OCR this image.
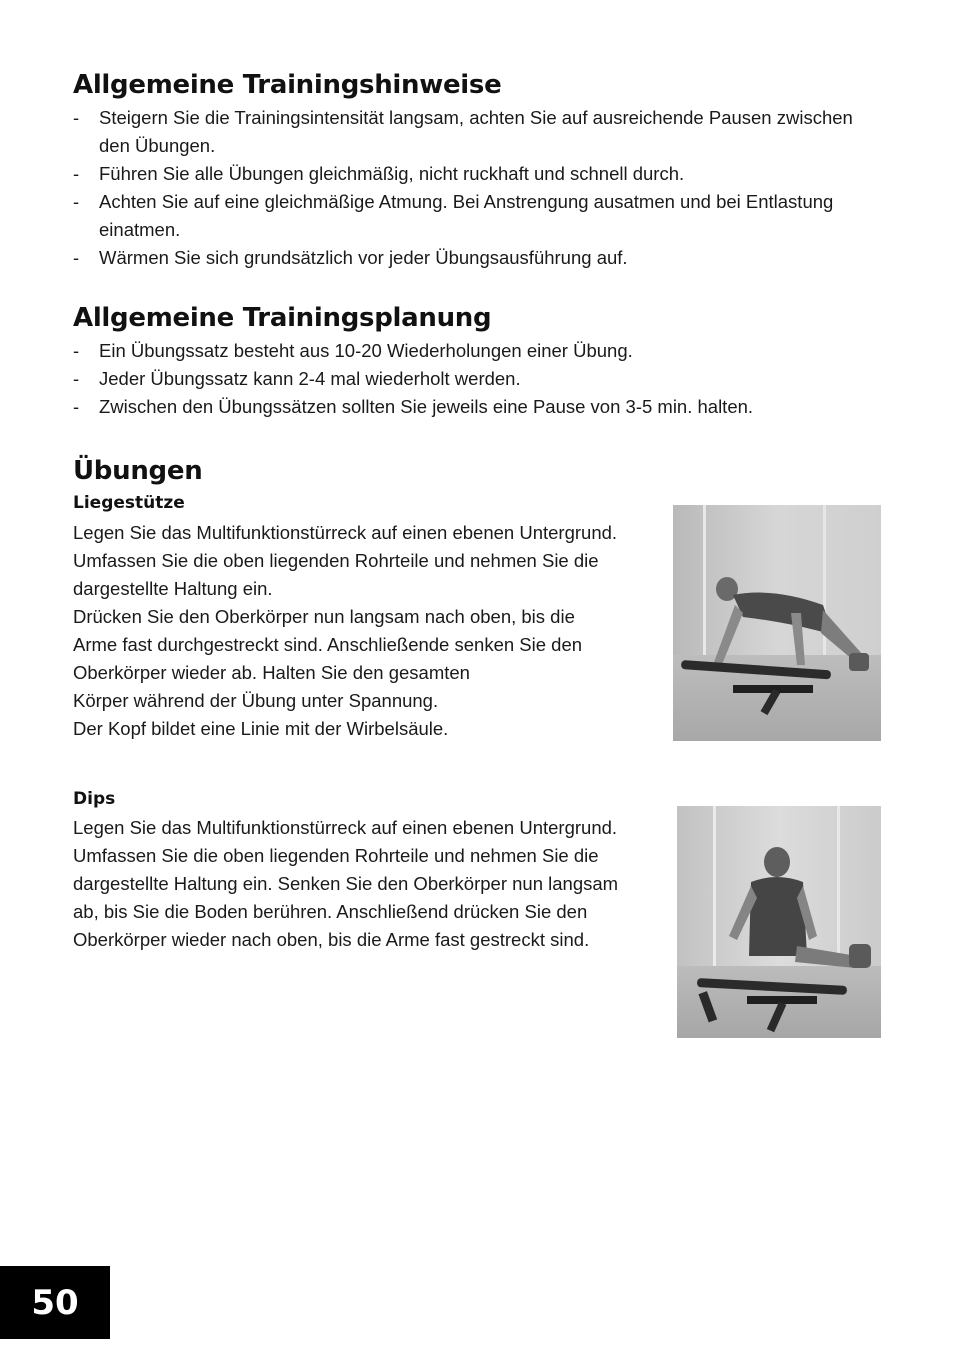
Allgemeine Trainingshinweise
- Steigern Sie die Trainingsintensität langsam, achten Sie auf ausreichende Pausen zwischen den Übungen.
- Führen Sie alle Übungen gleichmäßig, nicht ruckhaft und schnell durch.
- Achten Sie auf eine gleichmäßige Atmung. Bei Anstrengung ausatmen und bei Entlastung einatmen.
- Wärmen Sie sich grundsätzlich vor jeder Übungsausführung auf.
Allgemeine Trainingsplanung
- Ein Übungssatz besteht aus 10-20 Wiederholungen einer Übung.
- Jeder Übungssatz kann 2-4 mal wiederholt werden.
- Zwischen den Übungssätzen sollten Sie jeweils eine Pause von 3-5 min. halten.
Übungen
Liegestütze
Legen Sie das Multifunktionstürreck auf einen ebenen Untergrund.
Umfassen Sie die oben liegenden Rohrteile und nehmen Sie die
dargestellte Haltung ein.
Drücken Sie den Oberkörper nun langsam nach oben, bis die
Arme fast durchgestreckt sind. Anschließende senken Sie den
Oberkörper wieder ab. Halten Sie den gesamten
Körper während der Übung unter Spannung.
Der Kopf bildet eine Linie mit der Wirbelsäule.
Dips
Legen Sie das Multifunktionstürreck auf einen ebenen Untergrund.
Umfassen Sie die oben liegenden Rohrteile und nehmen Sie die
dargestellte Haltung ein. Senken Sie den Oberkörper nun langsam
ab, bis Sie die Boden berühren. Anschließend drücken Sie den
Oberkörper wieder nach oben, bis die Arme fast gestreckt sind.
50
